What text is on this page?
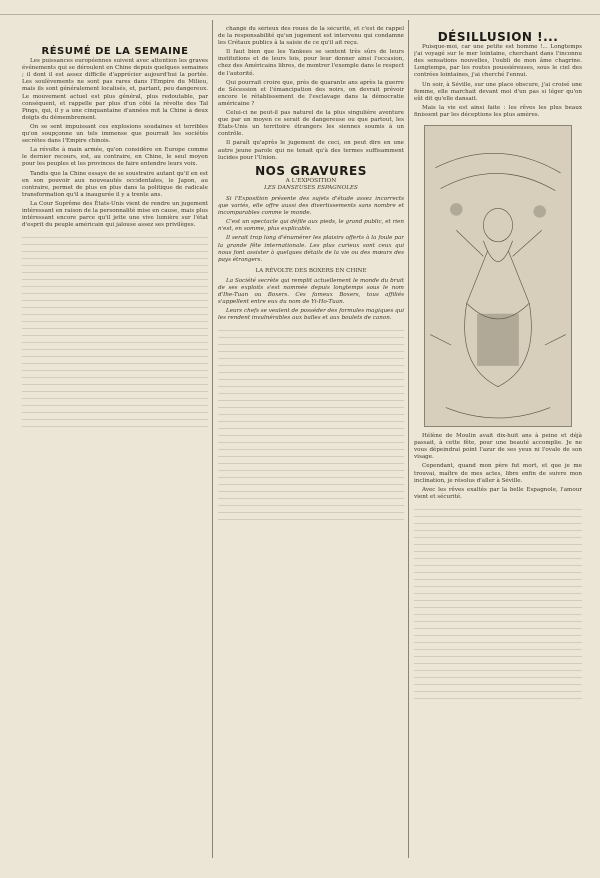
RÉSUMÉ DE LA SEMAINE

Les puissances européennes suivent avec attention les graves événements qui se déroulent en Chine depuis quelques semaines ; il dont il est assez difficile d'apprécier aujourd'hui la portée. Les soulèvements ne sont pas rares dans l'Empire du Milieu, mais ils sont généralement localisés, et, partant, peu dangereux. Le mouvement actuel est plus général, plus redoutable, par conséquent, et rappelle par plus d'un côté la révolte des Taï Pings, qui, il y a une cinquantaine d'années mit la Chine à deux doigts du démembrement.

On se sent impuissant ces explosions soudaines et terribles qu'on soupçonne un tels immense que pourrait les sociétés secrètes dans l'Empire chinois.

La révolte à main armée, qu'on considère en Europe comme le dernier recours, est, au contraire, en Chine, le seul moyen pour les peuples et les provinces de faire entendre leurs voix.

Tandis que la Chine essaye de se soustraire autant qu'il en est en son pouvoir aux nouveautés occidentales, le Japon, au contraire, permet de plus en plus dans la politique de radicale transformation qu'il a inaugurée il y a trente ans.

La Cour Suprême des États-Unis vient de rendre un jugement intéressant en raison de la personnalité mise en cause, mais plus intéressant encore parce qu'il jette une vive lumière sur l'état d'esprit du peuple américain qui jalouse assez ses privilèges.

changé du sérieux des roues de la sécurité, et c'est de rappel de la responsabilité qu'un jugement est intervenu qui condamne les Crétaux publics à la saisie de ce qu'il ait reçu.

Il faut bien que les Yankees se sentent très sûrs de leurs institutions et de leurs lois, pour leur donner ainsi l'occasion, chez des Américains libres, de montrer l'exemple dans le respect de l'autorité.

Qui pourrait croire que, près de quarante ans après la guerre de Sécession et l'émancipation des noirs, on devrait prévoir encore le rétablissement de l'esclavage dans la démocratie américaine ?

Celui-ci ne peut-il pas naturel de la plus singulière aventure que par un moyen ce serait de dangereuse ou que partout, les États-Unis un territoire étrangers les siennes soumis à un contrôle.

Il paraît qu'après le jugement de ceci, on peut dire en une autre jeune parole qui ne tenait qu'à des termes suffisamment lucides pour l'Union.

NOS GRAVURES
A L'EXPOSITION
LES DANSEUSES ESPAGNOLES

Si l'Exposition présente des sujets d'étude assez incorrects que variés, elle offre aussi des divertissements sans nombre et incomparables comme le monde.

C'est un spectacle qui défile aux pieds, le grand public, et rien n'est, en somme, plus explicable.

Il serait trop long d'énumérer les plaisirs offerts à la foule par la grande fête internationale. Les plus curieux sont ceux qui nous font assister à quelques détails de la vie ou des mœurs des pays étrangers.

LA RÉVOLTE DES BOXERS EN CHINE

La Société secrète qui remplit actuellement le monde du bruit de ses exploits s'est nommée depuis longtemps sous le nom d'Ihe-Tuan ou Boxers. Ces fameux Boxers, tous affiliés s'appellent entre eux du nom de Yi-Ho-Tuan.

Leurs chefs se veulent de posséder des formules magiques qui les rendent invulnérables aux balles et aux boulets de canon.

DÉSILLUSION !...

Puisque-moi, car une petite est homme !... Longtemps j'ai voyagé sur le mer lointaine, cherchant dans l'inconnu des sensations nouvelles, l'oubli de mon âme chagrine. Longtemps, par les routes poussiéreuses, sous le ciel des contrées lointaines, j'ai cherché l'ennui.

Un soir, à Séville, sur une place obscure, j'ai croisé une femme, elle marchait devant moi d'un pas si léger qu'on eût dit qu'elle dansait.

Mais la vie est ainsi faite : les rêves les plus beaux finissent par les déceptions les plus amères.

Hélène de Moulin avait dix-huit ans à peine et déjà passait, à cette fête, pour une beauté accomplie. Je ne vous dépeindrai point l'azur de ses yeux ni l'ovale de son visage.

Cependant, quand mon père fut mort, et que je me trouvai, maître de mes actes, libre enfin de suivre mon inclination, je résolus d'aller à Séville.

Avec les rêves exaltés par la belle Espagnole, l'amour vient et sécurité.
